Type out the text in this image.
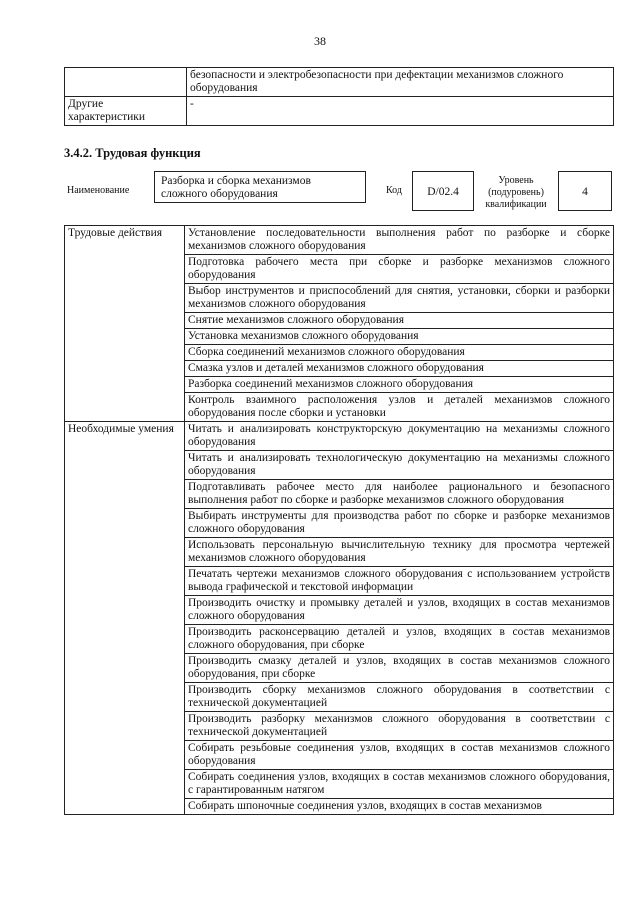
38
	безопасности и электробезопасности при дефектации механизмов сложного оборудования
Другие характеристики	-
3.4.2. Трудовая функция
Наименование
Разборка и сборка механизмов сложного оборудования	Код	D/02.4
Уровень (подуровень) квалификации
4
Трудовые действия	Установление последовательности выполнения работ по разборке и сборке механизмов сложного оборудования
	Подготовка рабочего места при сборке и разборке механизмов сложного оборудования
	Выбор инструментов и приспособлений для снятия, установки, сборки и разборки механизмов сложного оборудования
	Снятие механизмов сложного оборудования
	Установка механизмов сложного оборудования
	Сборка соединений механизмов сложного оборудования
	Смазка узлов и деталей механизмов сложного оборудования
	Разборка соединений механизмов сложного оборудования
	Контроль взаимного расположения узлов и деталей механизмов сложного оборудования после сборки и установки
Необходимые умения	Читать и анализировать конструкторскую документацию на механизмы сложного оборудования
	Читать и анализировать технологическую документацию на механизмы сложного оборудования
	Подготавливать рабочее место для наиболее рационального и безопасного выполнения работ по сборке и разборке механизмов сложного оборудования
	Выбирать инструменты для производства работ по сборке и разборке механизмов сложного оборудования
	Использовать персональную вычислительную технику для просмотра чертежей механизмов сложного оборудования
	Печатать чертежи механизмов сложного оборудования с использованием устройств вывода графической и текстовой информации
	Производить очистку и промывку деталей и узлов, входящих в состав механизмов сложного оборудования
	Производить расконсервацию деталей и узлов, входящих в состав механизмов сложного оборудования, при сборке
	Производить смазку деталей и узлов, входящих в состав механизмов сложного оборудования, при сборке
	Производить сборку механизмов сложного оборудования в соответствии с технической документацией
	Производить разборку механизмов сложного оборудования в соответствии с технической документацией
	Собирать резьбовые соединения узлов, входящих в состав механизмов сложного оборудования
	Собирать соединения узлов, входящих в состав механизмов сложного оборудования, с гарантированным натягом
	Собирать шпоночные соединения узлов, входящих в состав механизмов
